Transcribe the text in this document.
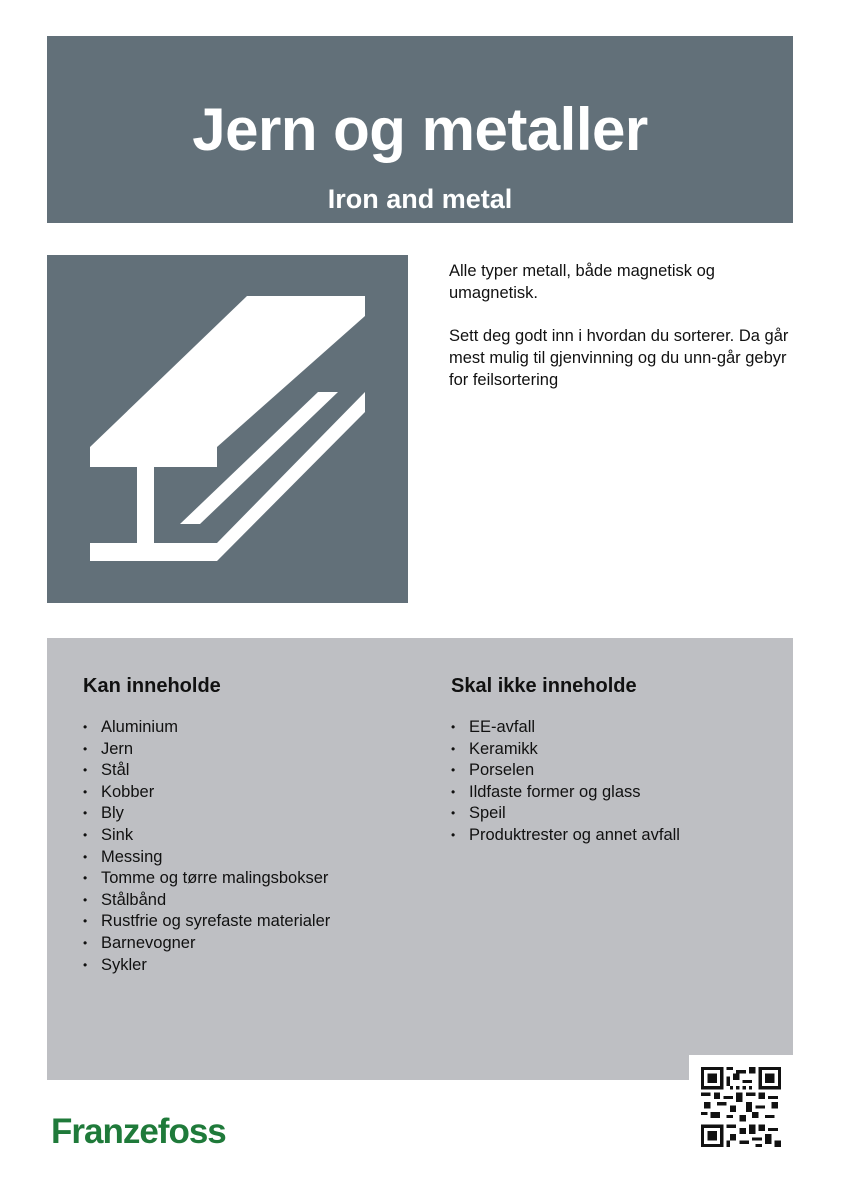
Jern og metaller
Iron and metal

Alle typer metall, både magnetisk og umagnetisk.

Sett deg godt inn i hvordan du sorterer. Da går mest mulig til gjenvinning og du unn-går gebyr for feilsortering

Kan inneholde
• Aluminium
• Jern
• Stål
• Kobber
• Bly
• Sink
• Messing
• Tomme og tørre malingsbokser
• Stålbånd
• Rustfrie og syrefaste materialer
• Barnevogner
• Sykler
Skal ikke inneholde
• EE-avfall
• Keramikk
• Porselen
• Ildfaste former og glass
• Speil
• Produktrester og annet avfall
Franzefoss
